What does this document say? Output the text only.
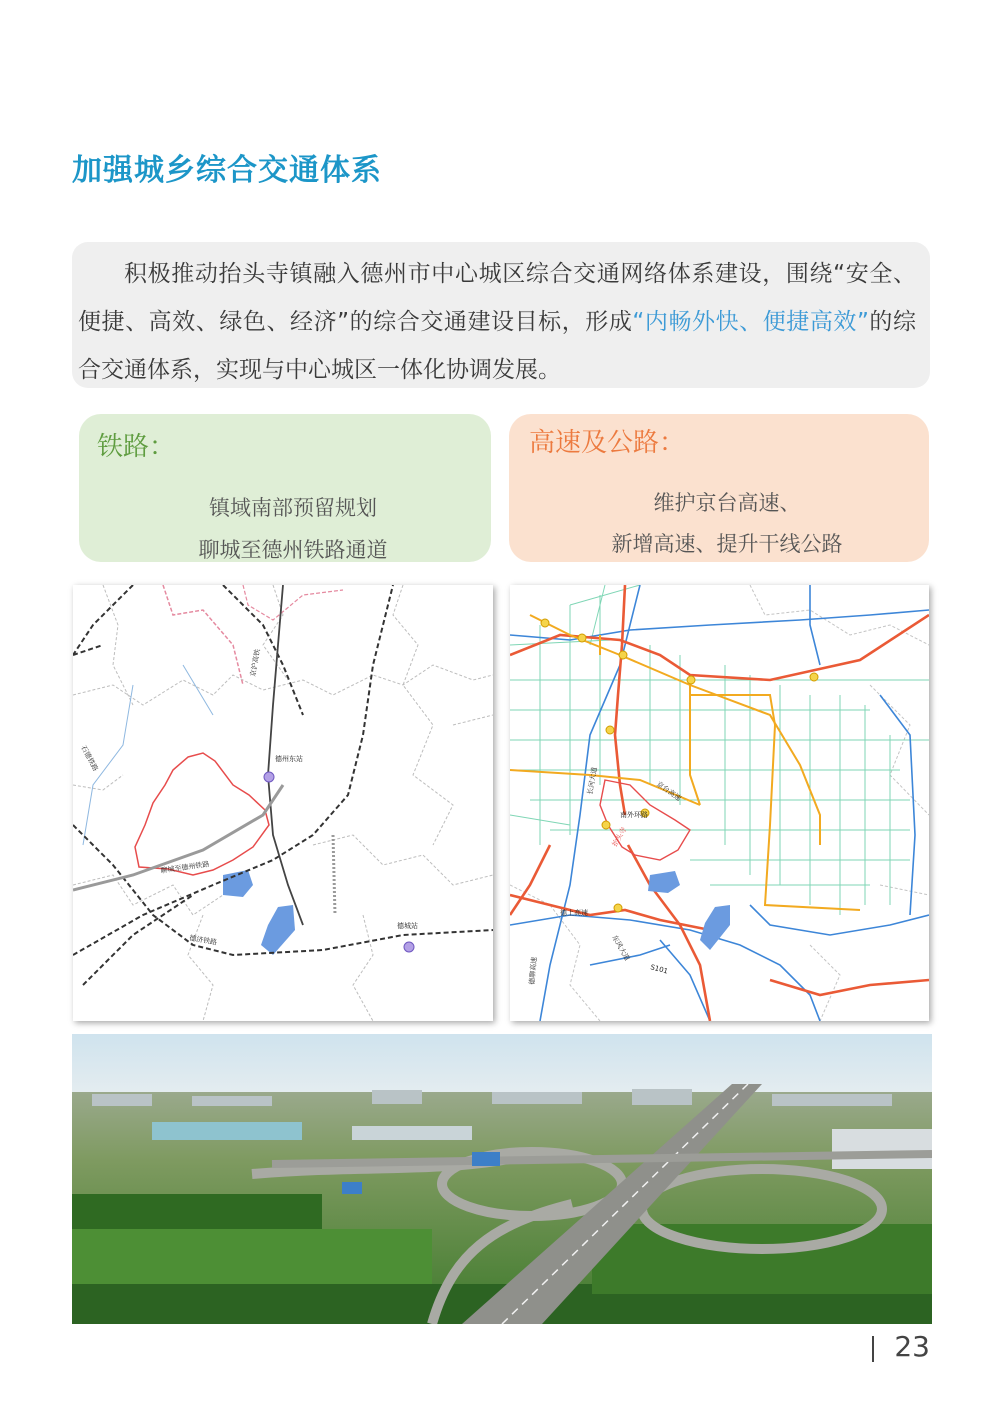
加强城乡综合交通体系
积极推动抬头寺镇融入德州市中心城区综合交通网络体系建设，围绕“安全、便捷、高效、绿色、经济”的综合交通建设目标，形成“内畅外快、便捷高效”的综合交通体系，实现与中心城区一体化协调发展。
铁路：
镇域南部预留规划
聊城至德州铁路通道
高速及公路：
维护京台高速、
新增高速、提升干线公路
京沪高铁
德州东站
聊城至德州铁路
德城站
德济铁路
石德铁路
长河大道	京台高速
南外环路
德上高速
东风大道
S101
德聊高速
抬头寺
23
